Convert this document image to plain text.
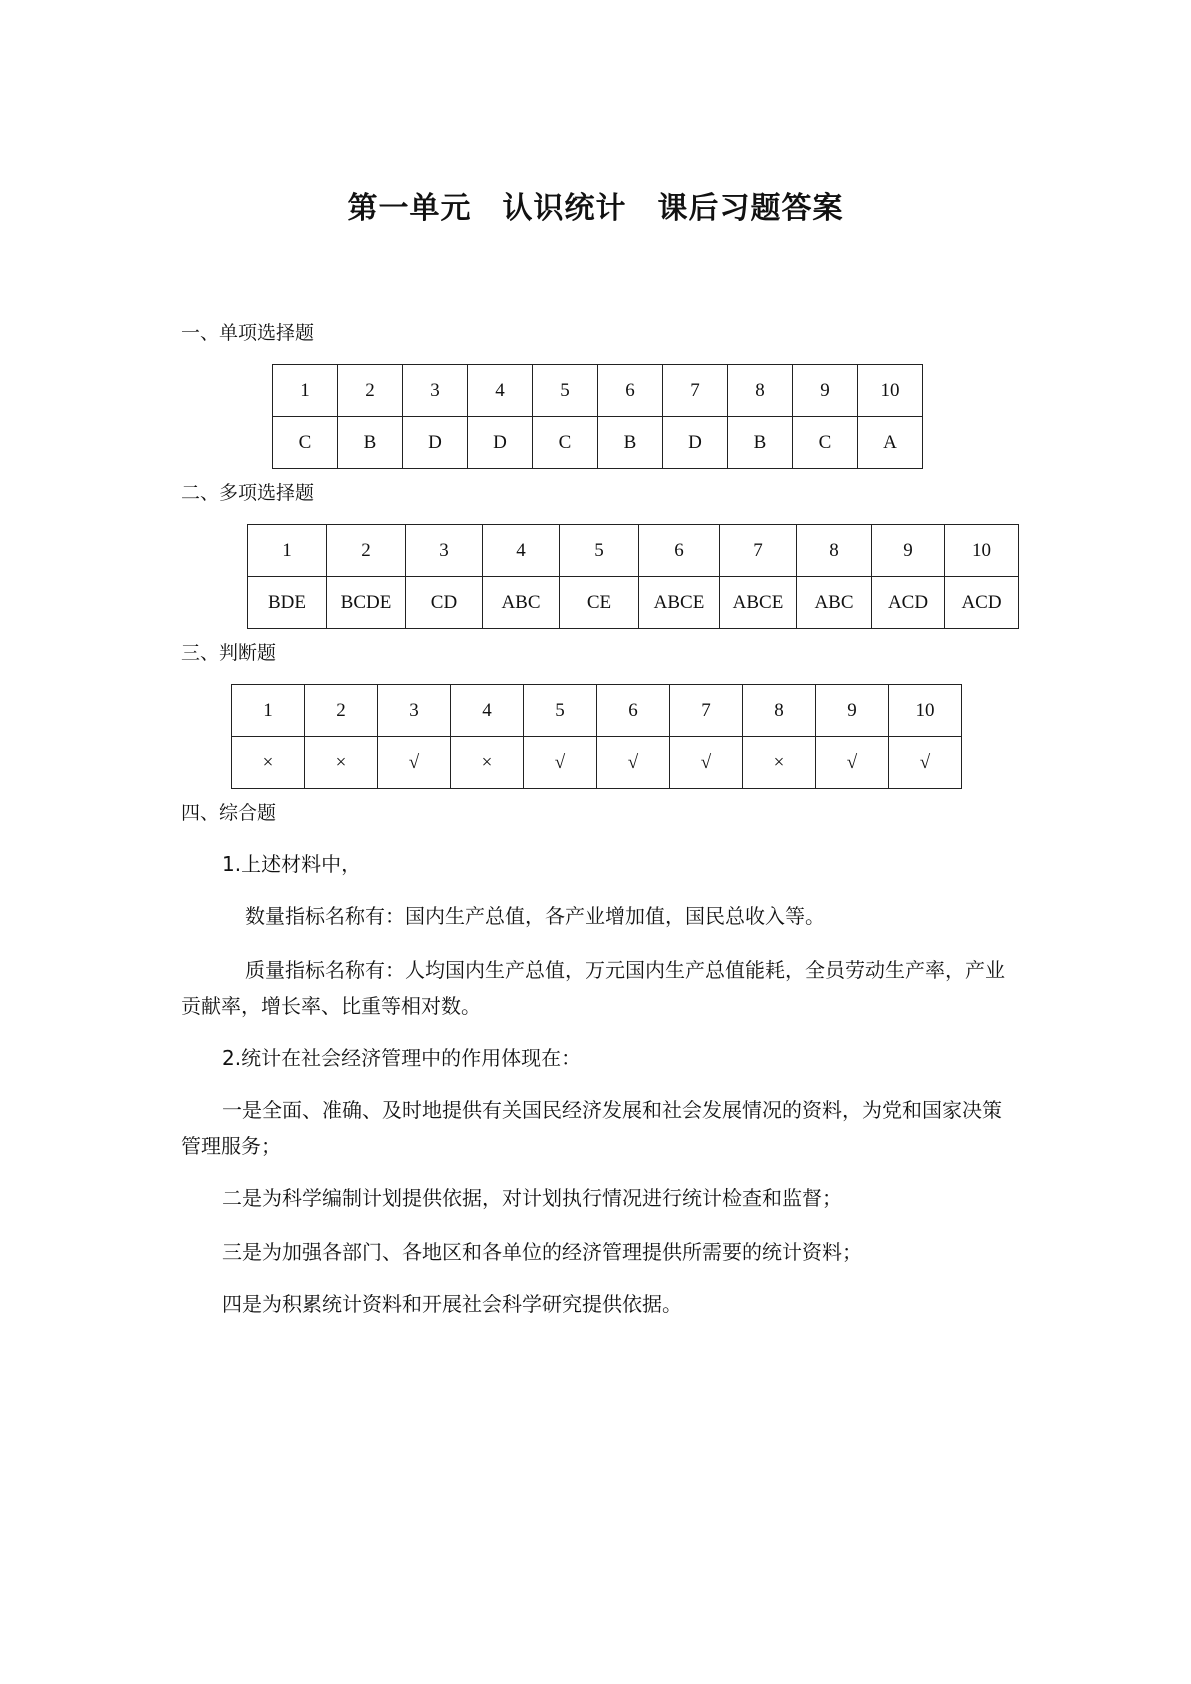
第一单元　认识统计　课后习题答案
一、单项选择题
1	2	3	4	5	6	7	8	9	10
C	B	D	D	C	B	D	B	C	A
二、多项选择题
1	2	3	4	5	6	7	8	9	10
BDE	BCDE	CD	ABC	CE	ABCE	ABCE	ABC	ACD	ACD
三、判断题
1	2	3	4	5	6	7	8	9	10
×	×	√	×	√	√	√	×	√	√
四、综合题
1.上述材料中，
数量指标名称有：国内生产总值，各产业增加值，国民总收入等。
质量指标名称有：人均国内生产总值，万元国内生产总值能耗，全员劳动生产率，产业贡献率，增长率、比重等相对数。
2.统计在社会经济管理中的作用体现在：
一是全面、准确、及时地提供有关国民经济发展和社会发展情况的资料，为党和国家决策管理服务；
二是为科学编制计划提供依据，对计划执行情况进行统计检查和监督；
三是为加强各部门、各地区和各单位的经济管理提供所需要的统计资料；
四是为积累统计资料和开展社会科学研究提供依据。
